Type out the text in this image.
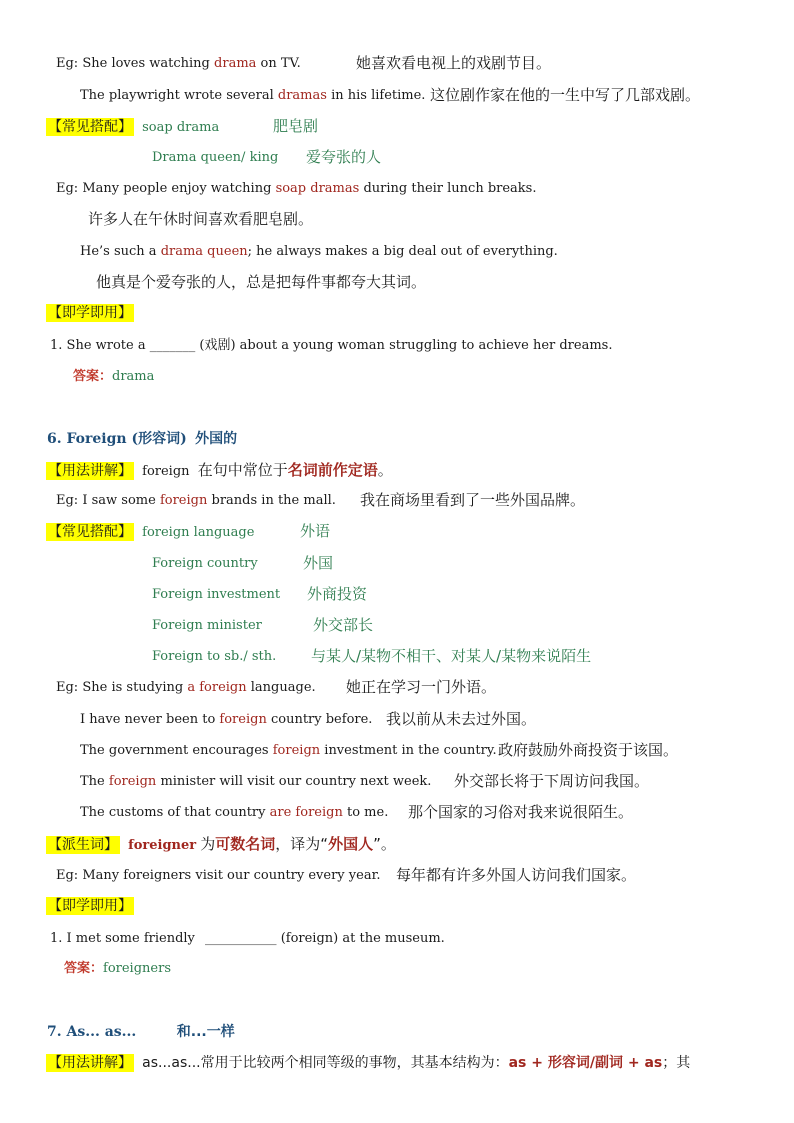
Eg: She loves watching drama on TV.	她喜欢看电视上的戏剧节目。
The playwright wrote several dramas in his lifetime. 这位剧作家在他的一生中写了几部戏剧。
【常见搭配】 soap drama	肥皂剧
Drama queen/ king 爱夸张的人
Eg: Many people enjoy watching soap dramas during their lunch breaks.
许多人在午休时间喜欢看肥皂剧。
He’s such a drama queen; he always makes a big deal out of everything.
他真是个爱夸张的人，总是把每件事都夸大其词。
【即学即用】
1. She wrote a _______ (戏剧) about a young woman struggling to achieve her dreams.
答案：drama
6. Foreign (形容词) 外国的
【用法讲解】 foreign 在句中常位于名词前作定语。
Eg: I saw some foreign brands in the mall. 我在商场里看到了一些外国品牌。
【常见搭配】 foreign language	外语
Foreign country	外国
Foreign investment 外商投资
Foreign minister	外交部长
Foreign to sb./ sth. 与某人/某物不相干、对某人/某物来说陌生
Eg: She is studying a foreign language. 她正在学习一门外语。
I have never been to foreign country before. 我以前从未去过外国。
The government encourages foreign investment in the country. 政府鼓励外商投资于该国。
The foreign minister will visit our country next week. 外交部长将于下周访问我国。
The customs of that country are foreign to me. 那个国家的习俗对我来说很陌生。
【派生词】 foreigner 为可数名词，译为“外国人”。
Eg: Many foreigners visit our country every year. 每年都有许多外国人访问我们国家。
【即学即用】
1. I met some friendly ___________ (foreign) at the museum.
答案：foreigners
7. As... as...	和...一样
【用法讲解】 as...as...常用于比较两个相同等级的事物，其基本结构为：as + 形容词/副词 + as；其
